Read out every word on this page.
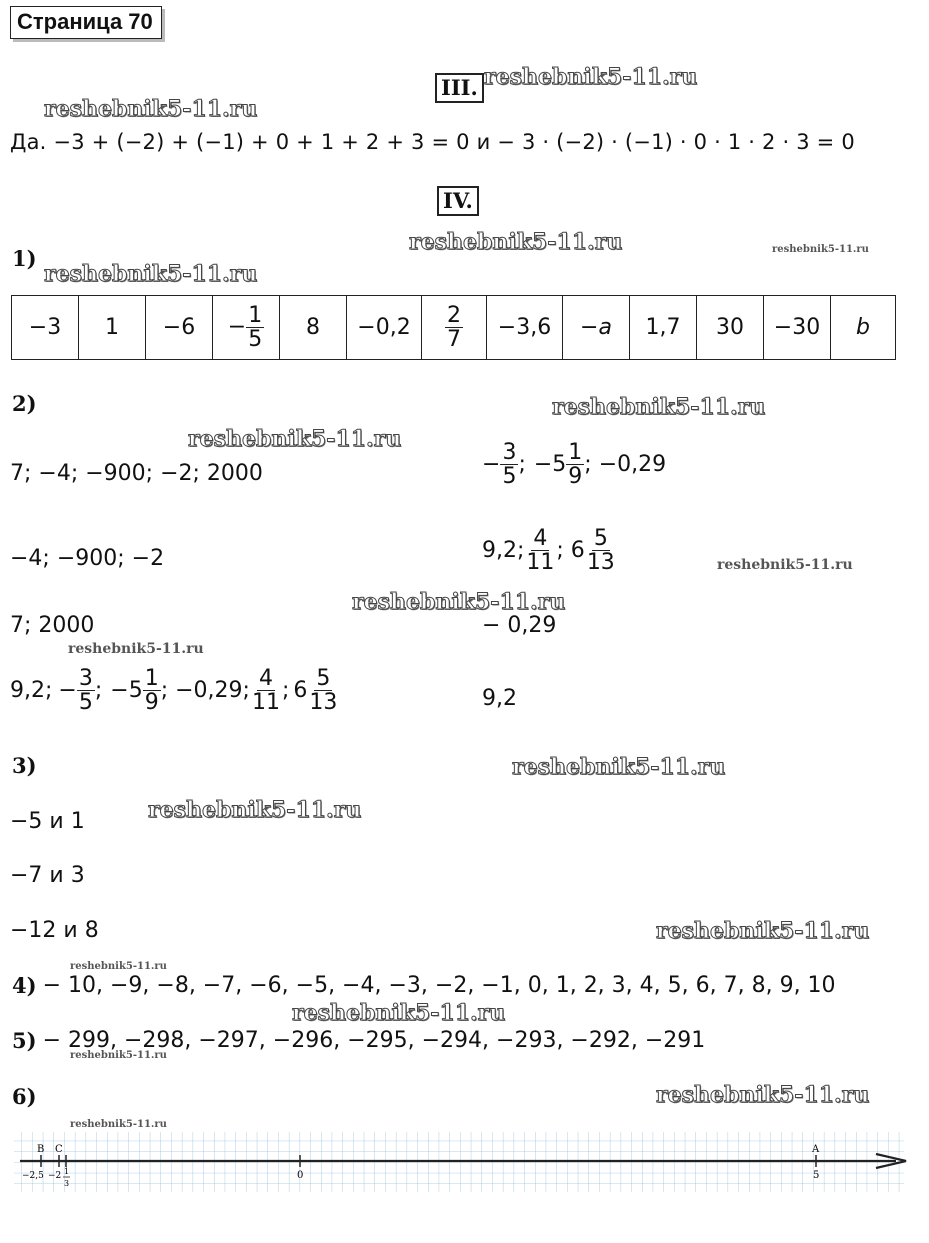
Страница 70
reshebnik5-11.ru
reshebnik5-11.ru
reshebnik5-11.ru
reshebnik5-11.ru
reshebnik5-11.ru
reshebnik5-11.ru
reshebnik5-11.ru
reshebnik5-11.ru
reshebnik5-11.ru
reshebnik5-11.ru
reshebnik5-11.ru
reshebnik5-11.ru
reshebnik5-11.ru
reshebnik5-11.ru
reshebnik5-11.ru
reshebnik5-11.ru
reshebnik5-11.ru
reshebnik5-11.ru
III.
Да. −3 + (−2) + (−1) + 0 + 1 + 2 + 3 = 0 и − 3 · (−2) · (−1) · 0 · 1 · 2 · 3 = 0
IV.
1)
−3	1	−6	− $\frac{1}{5}$	8	−0,2	$\frac{2}{7}$	−3,6	−a	1,7	30	−30	b
2)
7; −4; −900; −2; 2000
−4; −900; −2
7; 2000
9,2; − $\frac{3}{5}$ ; $-5 \frac{1}{9}$ ; −0,29; $\frac{4}{11}$ ; $6 \frac{5}{13}$
− $\frac{3}{5}$ ; $-5 \frac{1}{9}$ ; −0,29
9,2; $\frac{4}{11}$ ; $6 \frac{5}{13}$
− 0,29
9,2
3)
−5 и 1
−7 и 3
−12 и 8
4) − 10, −9, −8, −7, −6, −5, −4, −3, −2, −1, 0, 1, 2, 3, 4, 5, 6, 7, 8, 9, 10
5) − 299, −298, −297, −296, −295, −294, −293, −292, −291
6)
B C	A
−2,5 −2 1
3
0	5
